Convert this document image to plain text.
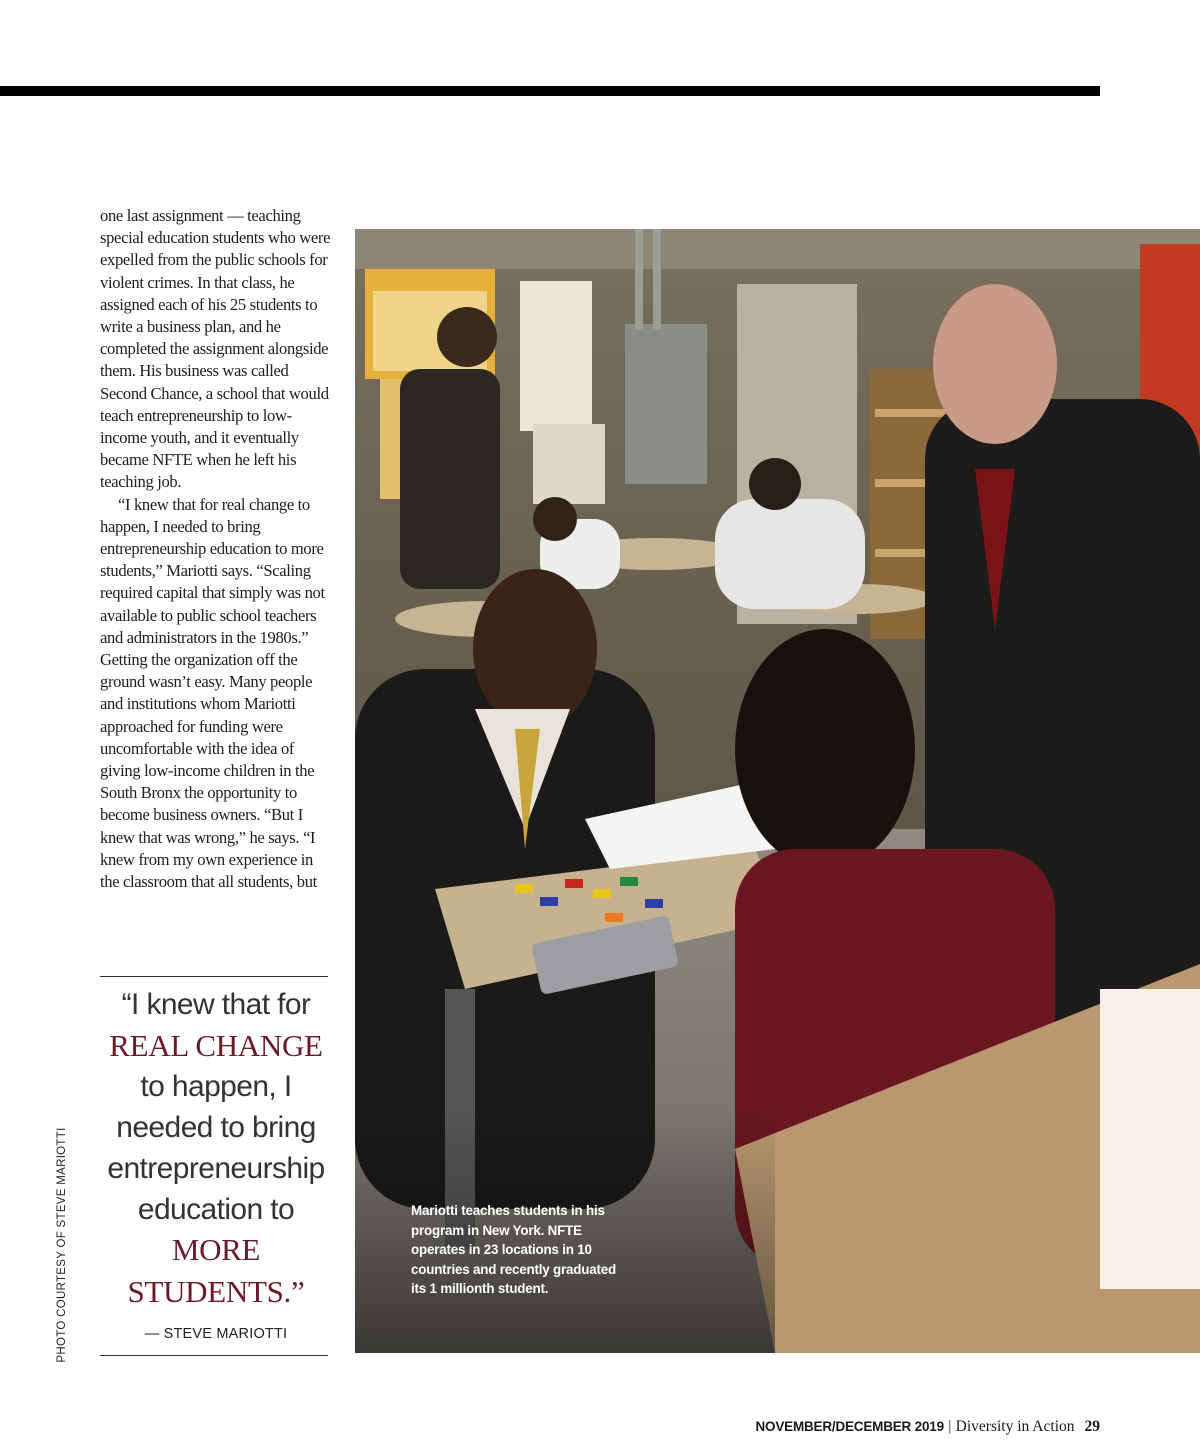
one last assignment — teaching special education students who were expelled from the public schools for violent crimes. In that class, he assigned each of his 25 students to write a business plan, and he completed the assignment alongside them. His business was called Second Chance, a school that would teach entrepreneurship to low-income youth, and it eventually became NFTE when he left his teaching job.

“I knew that for real change to happen, I needed to bring entrepreneurship education to more students,” Mariotti says. “Scaling required capital that simply was not available to public school teachers and administrators in the 1980s.” Getting the organization off the ground wasn’t easy. Many people and institutions whom Mariotti approached for funding were uncomfortable with the idea of giving low-income children in the South Bronx the opportunity to become business owners. “But I knew that was wrong,” he says. “I knew from my own experience in the classroom that all students, but

“I knew that for
REAL CHANGE
to happen, I needed to bring entrepreneurship education to MORE STUDENTS.”
— STEVE MARIOTTI
PHOTO COURTESY OF STEVE MARIOTTI	Mariotti teaches students in his program in New York. NFTE operates in 23 locations in 10 countries and recently graduated its 1 millionth student.
NOVEMBER/DECEMBER 2019 | Diversity in Action 29
